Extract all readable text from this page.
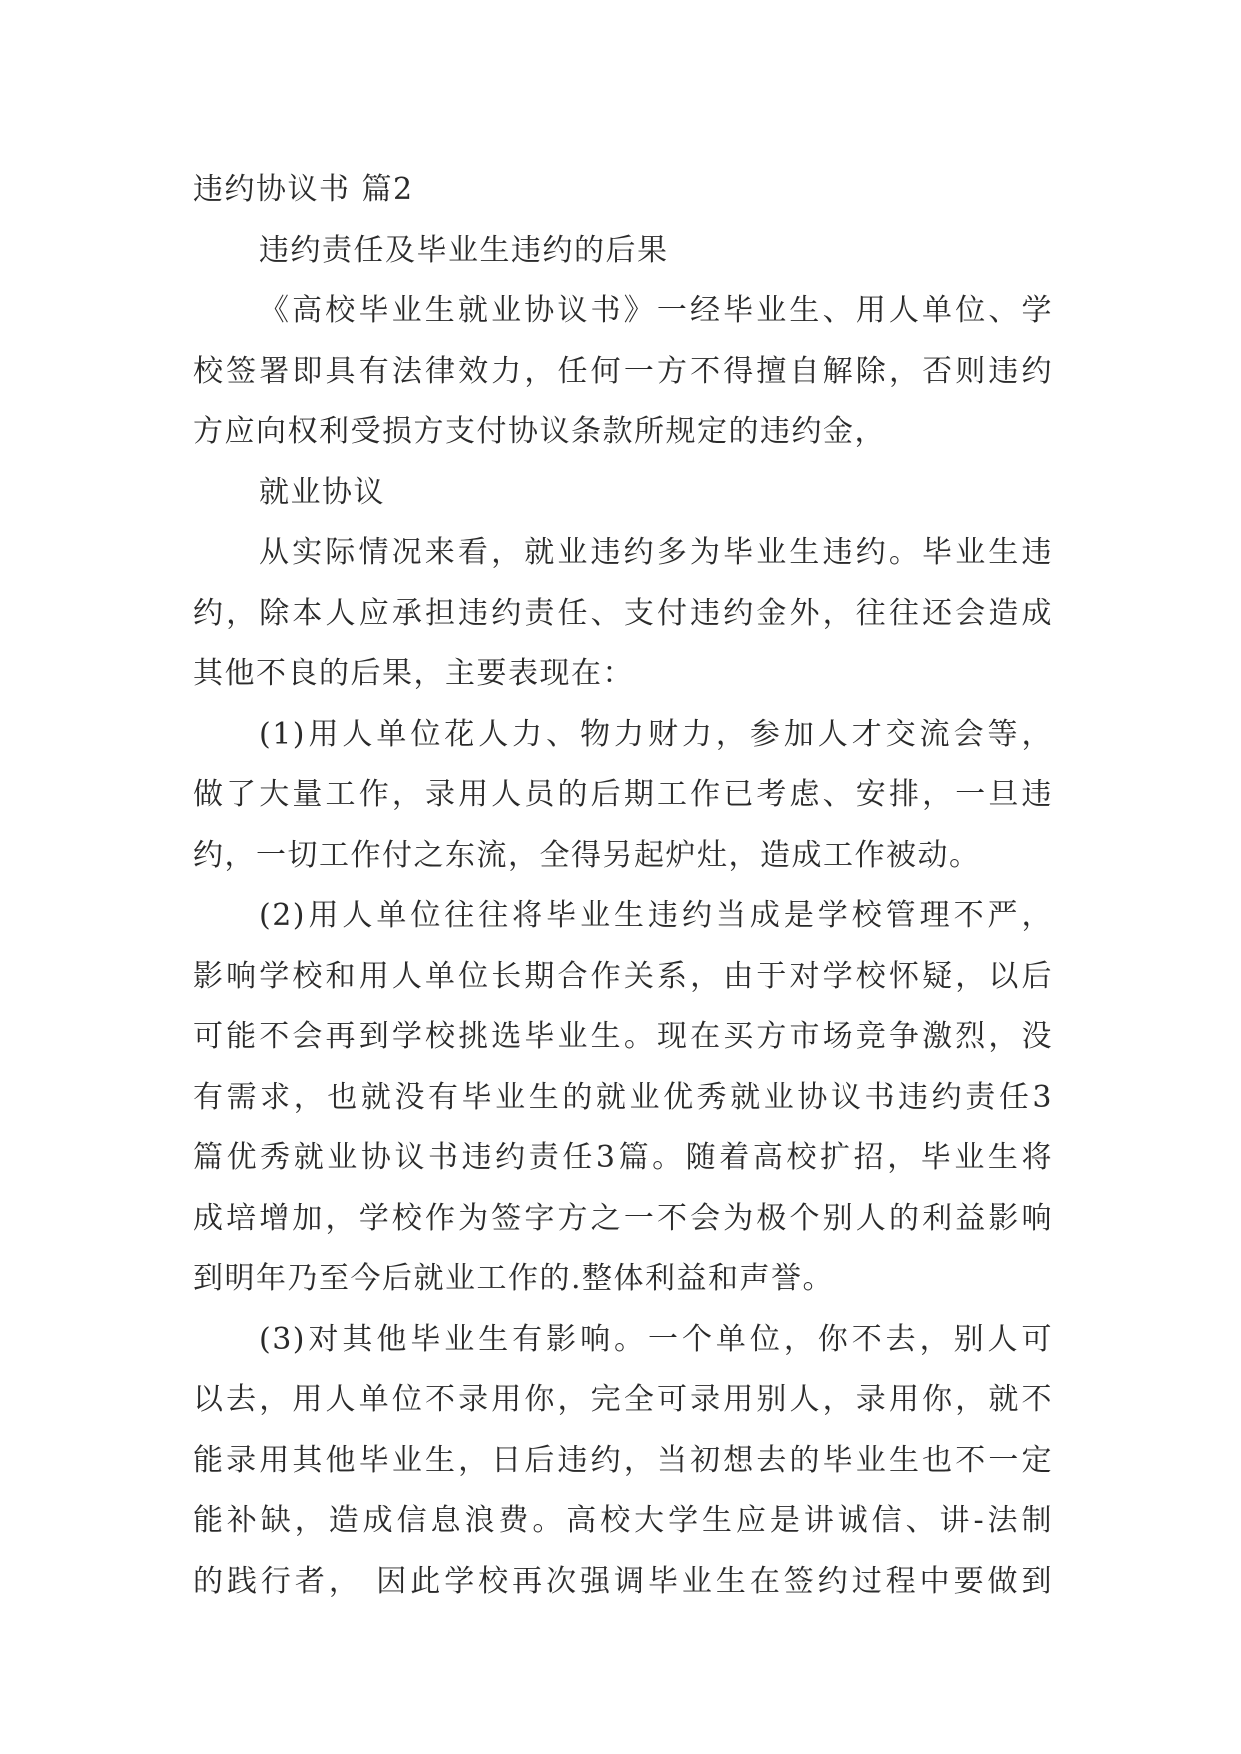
违约协议书 篇2
违约责任及毕业生违约的后果
《高校毕业生就业协议书》一经毕业生、用人单位、学
校签署即具有法律效力，任何一方不得擅自解除，否则违约
方应向权利受损方支付协议条款所规定的违约金，
就业协议
从实际情况来看，就业违约多为毕业生违约。毕业生违
约，除本人应承担违约责任、支付违约金外，往往还会造成
其他不良的后果，主要表现在：
(1)用人单位花人力、物力财力，参加人才交流会等，
做了大量工作，录用人员的后期工作已考虑、安排，一旦违
约，一切工作付之东流，全得另起炉灶，造成工作被动。
(2)用人单位往往将毕业生违约当成是学校管理不严，
影响学校和用人单位长期合作关系，由于对学校怀疑，以后
可能不会再到学校挑选毕业生。现在买方市场竞争激烈，没
有需求，也就没有毕业生的就业优秀就业协议书违约责任3
篇优秀就业协议书违约责任3篇。随着高校扩招，毕业生将
成培增加，学校作为签字方之一不会为极个别人的利益影响
到明年乃至今后就业工作的.整体利益和声誉。
(3)对其他毕业生有影响。一个单位，你不去，别人可
以去，用人单位不录用你，完全可录用别人，录用你，就不
能录用其他毕业生，日后违约，当初想去的毕业生也不一定
能补缺，造成信息浪费。高校大学生应是讲诚信、讲-法制
的践行者， 因此学校再次强调毕业生在签约过程中要做到
